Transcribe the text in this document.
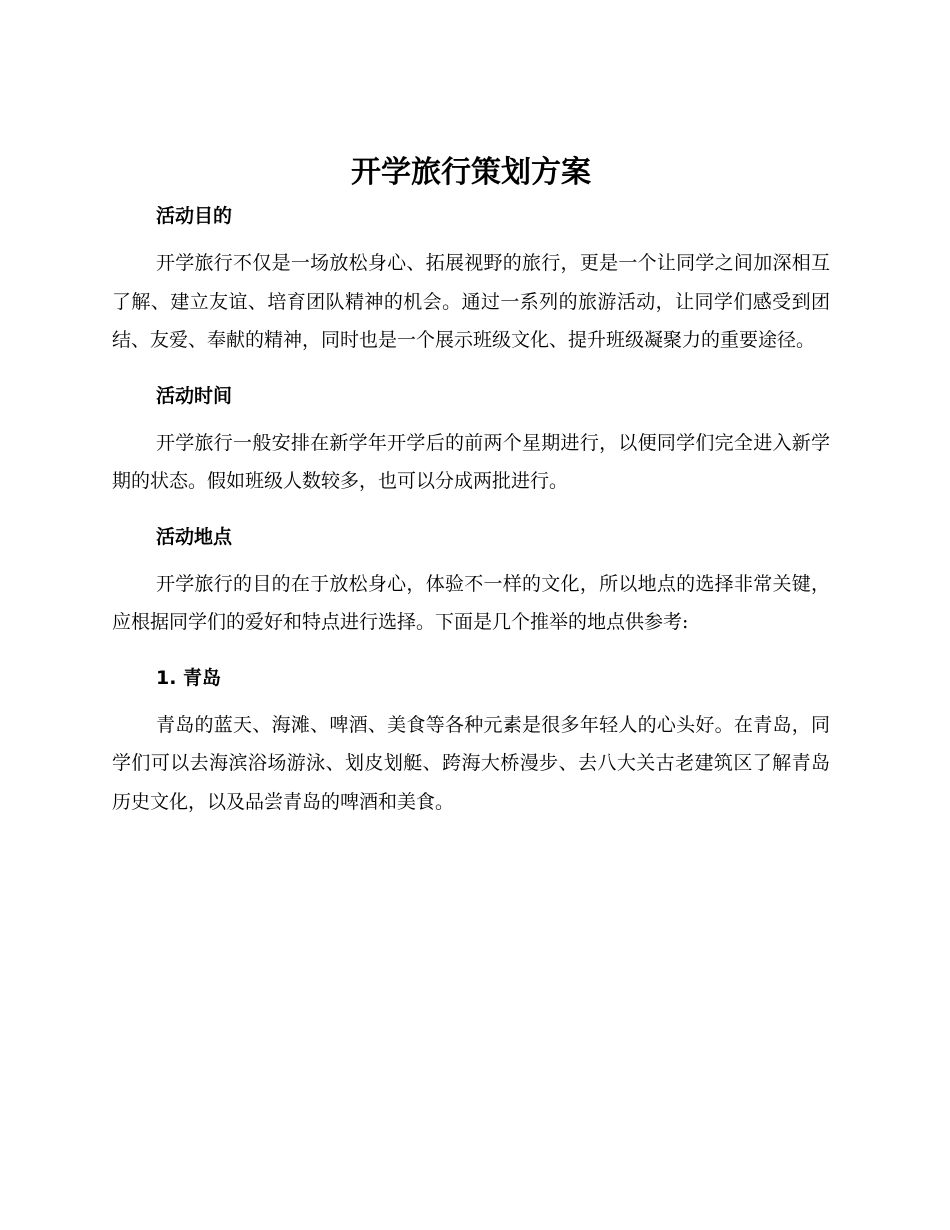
开学旅行策划方案
活动目的

开学旅行不仅是一场放松身心、拓展视野的旅行，更是一个让同学之间加深相互了解、建立友谊、培育团队精神的机会。通过一系列的旅游活动，让同学们感受到团结、友爱、奉献的精神，同时也是一个展示班级文化、提升班级凝聚力的重要途径。

活动时间

开学旅行一般安排在新学年开学后的前两个星期进行，以便同学们完全进入新学期的状态。假如班级人数较多，也可以分成两批进行。

活动地点

开学旅行的目的在于放松身心，体验不一样的文化，所以地点的选择非常关键，应根据同学们的爱好和特点进行选择。下面是几个推举的地点供参考:

1. 青岛

青岛的蓝天、海滩、啤酒、美食等各种元素是很多年轻人的心头好。在青岛，同学们可以去海滨浴场游泳、划皮划艇、跨海大桥漫步、去八大关古老建筑区了解青岛历史文化，以及品尝青岛的啤酒和美食。
